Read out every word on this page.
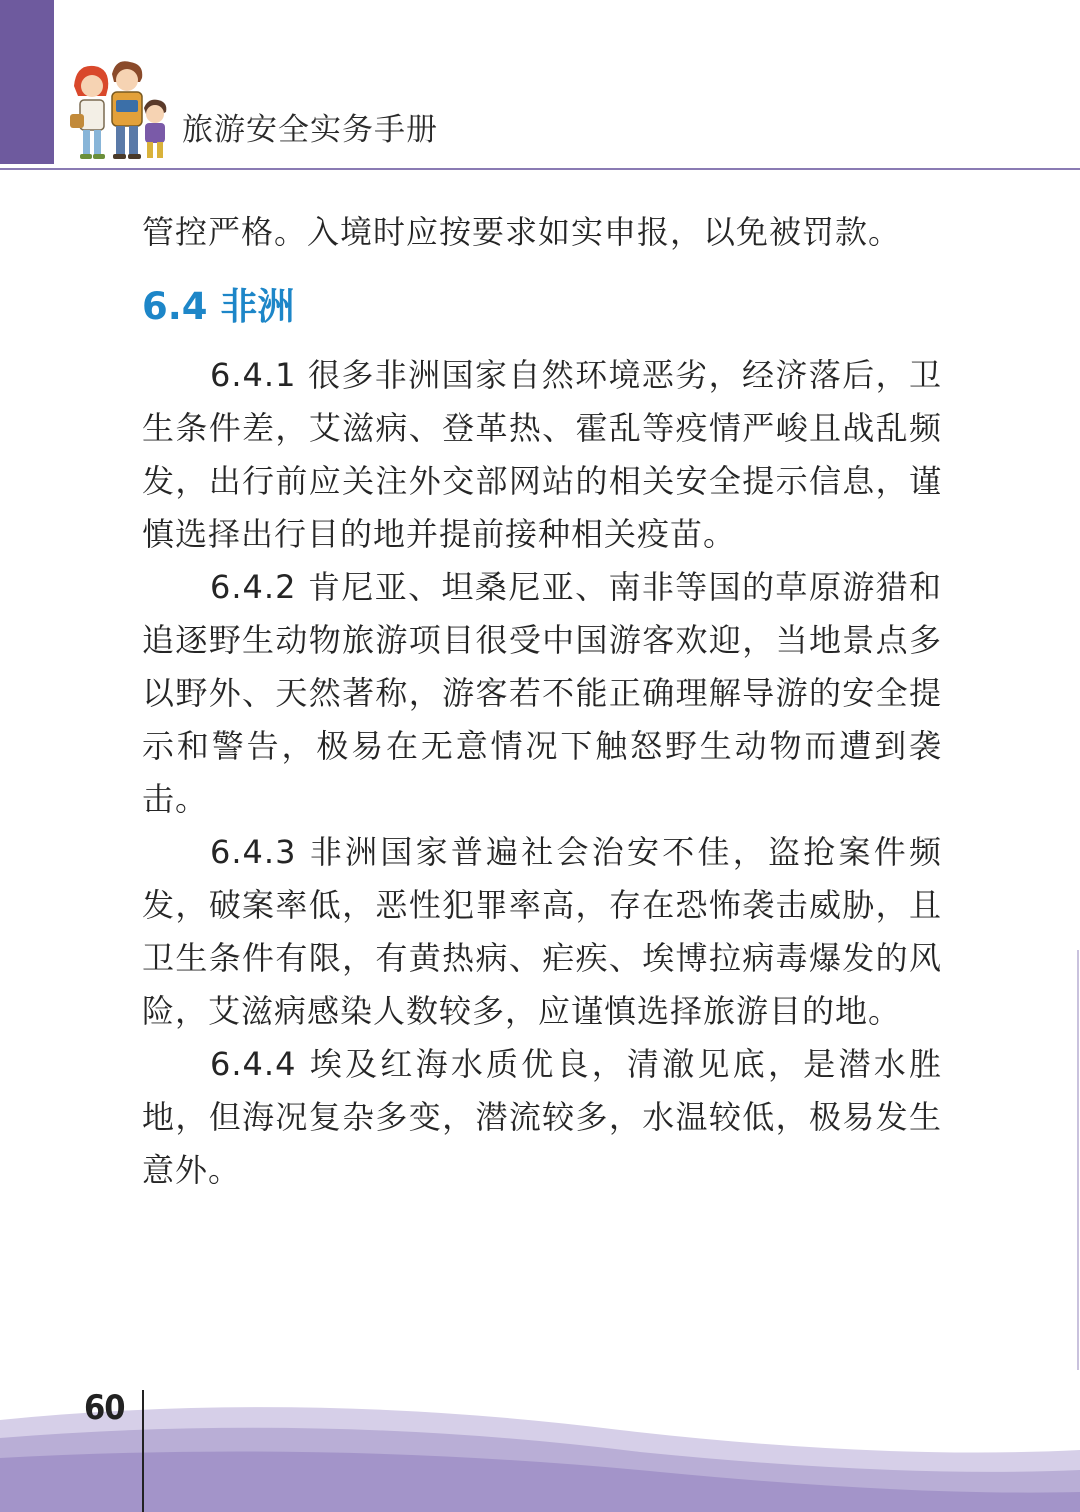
旅游安全实务手册

管控严格。入境时应按要求如实申报，以免被罚款。

6.4 非洲

6.4.1 很多非洲国家自然环境恶劣，经济落后，卫生条件差，艾滋病、登革热、霍乱等疫情严峻且战乱频发，出行前应关注外交部网站的相关安全提示信息，谨慎选择出行目的地并提前接种相关疫苗。

6.4.2 肯尼亚、坦桑尼亚、南非等国的草原游猎和追逐野生动物旅游项目很受中国游客欢迎，当地景点多以野外、天然著称，游客若不能正确理解导游的安全提示和警告，极易在无意情况下触怒野生动物而遭到袭击。

6.4.3 非洲国家普遍社会治安不佳，盗抢案件频发，破案率低，恶性犯罪率高，存在恐怖袭击威胁，且卫生条件有限，有黄热病、疟疾、埃博拉病毒爆发的风险，艾滋病感染人数较多，应谨慎选择旅游目的地。

6.4.4 埃及红海水质优良，清澈见底，是潜水胜地，但海况复杂多变，潜流较多，水温较低，极易发生意外。

60
